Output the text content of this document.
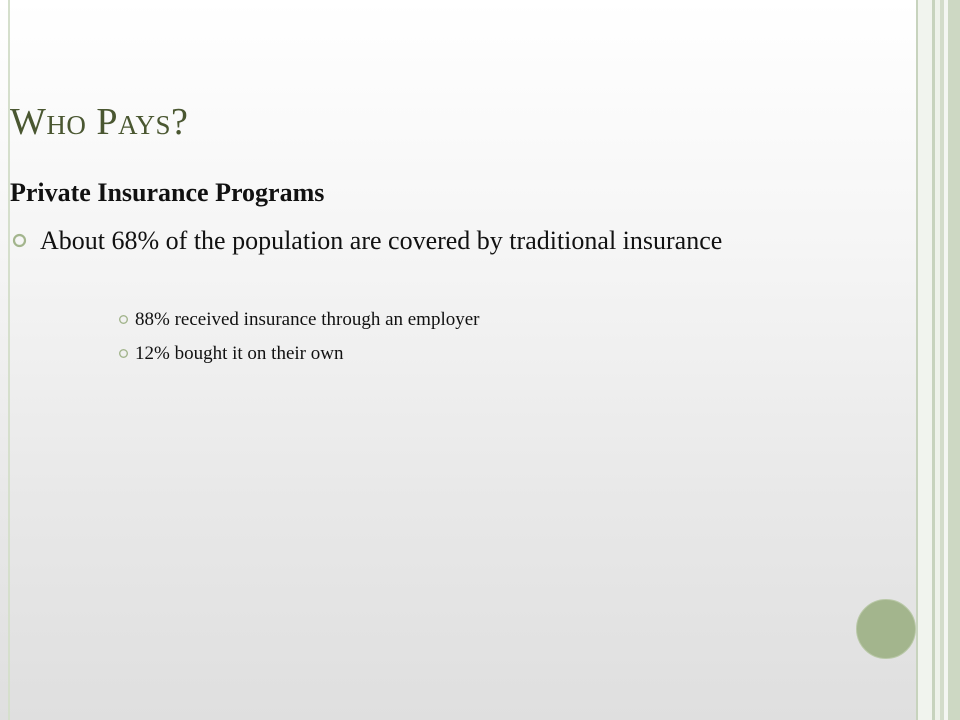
Who Pays?
Private Insurance Programs
About 68% of the population are covered by traditional insurance
88% received insurance through an employer
12% bought it on their own
